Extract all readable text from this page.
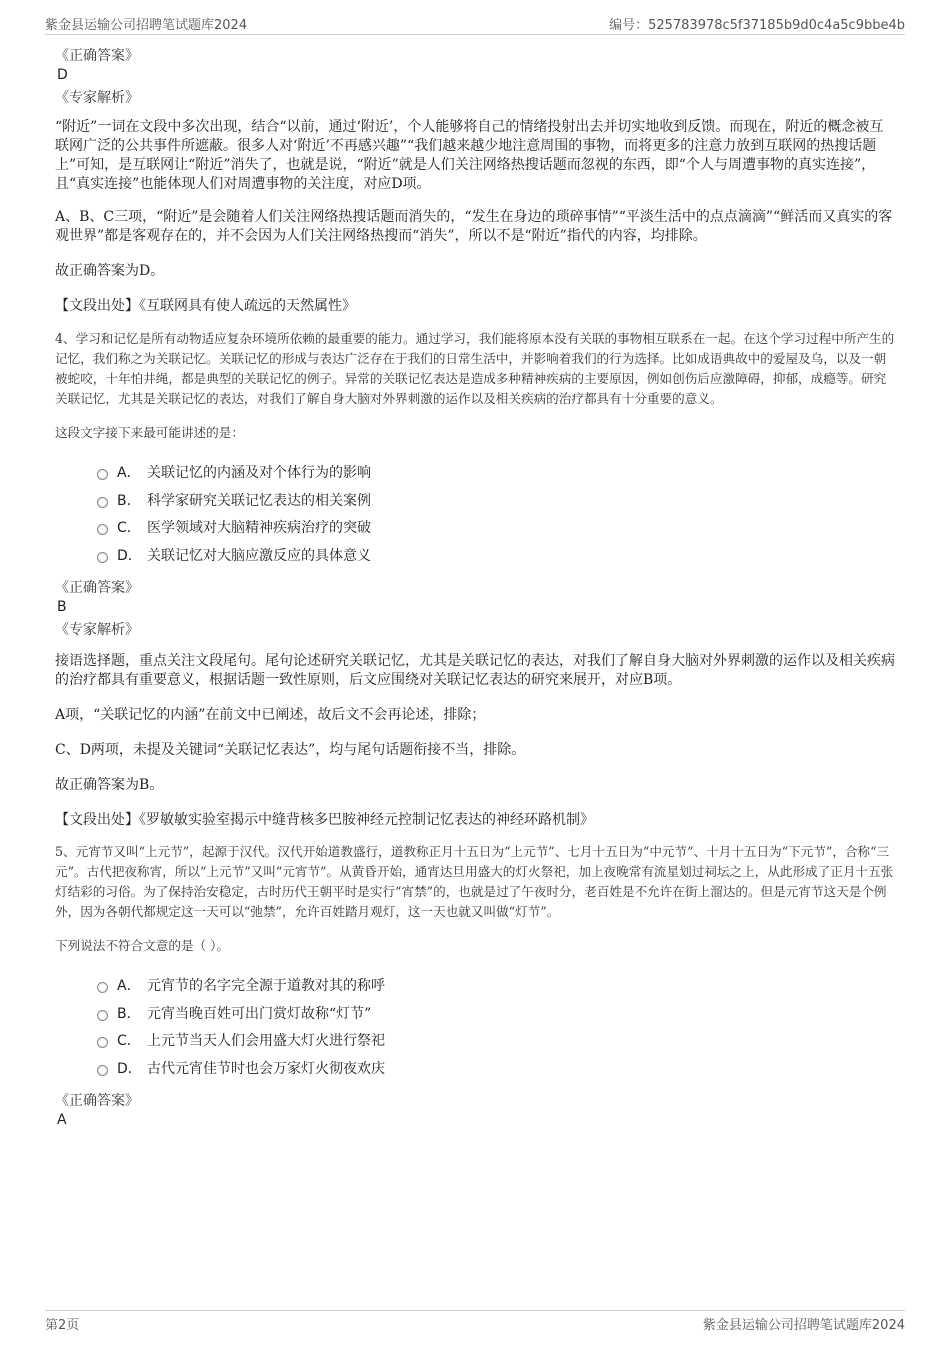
紫金县运输公司招聘笔试题库2024	编号：525783978c5f37185b9d0c4a5c9bbe4b
《正确答案》
D
《专家解析》

“附近”一词在文段中多次出现，结合“以前，通过‘附近’，个人能够将自己的情绪投射出去并切实地收到反馈。而现在，附近的概念被互联网广泛的公共事件所遮蔽。很多人对‘附近’不再感兴趣”“我们越来越少地注意周围的事物，而将更多的注意力放到互联网的热搜话题上”可知，是互联网让“附近”消失了，也就是说，“附近”就是人们关注网络热搜话题而忽视的东西，即“个人与周遭事物的真实连接”，且“真实连接”也能体现人们对周遭事物的关注度，对应D项。

A、B、C三项，“附近”是会随着人们关注网络热搜话题而消失的，“发生在身边的琐碎事情”“平淡生活中的点点滴滴”“鲜活而又真实的客观世界”都是客观存在的，并不会因为人们关注网络热搜而“消失”，所以不是“附近”指代的内容，均排除。

故正确答案为D。

【文段出处】《互联网具有使人疏远的天然属性》

4、学习和记忆是所有动物适应复杂环境所依赖的最重要的能力。通过学习，我们能将原本没有关联的事物相互联系在一起。在这个学习过程中所产生的记忆，我们称之为关联记忆。关联记忆的形成与表达广泛存在于我们的日常生活中，并影响着我们的行为选择。比如成语典故中的爱屋及乌，以及一朝被蛇咬，十年怕井绳，都是典型的关联记忆的例子。异常的关联记忆表达是造成多种精神疾病的主要原因，例如创伤后应激障碍，抑郁，成瘾等。研究关联记忆，尤其是关联记忆的表达，对我们了解自身大脑对外界刺激的运作以及相关疾病的治疗都具有十分重要的意义。

这段文字接下来最可能讲述的是：

A． 关联记忆的内涵及对个体行为的影响
B． 科学家研究关联记忆表达的相关案例
C． 医学领域对大脑精神疾病治疗的突破
D． 关联记忆对大脑应激反应的具体意义
《正确答案》
B
《专家解析》

接语选择题，重点关注文段尾句。尾句论述研究关联记忆，尤其是关联记忆的表达，对我们了解自身大脑对外界刺激的运作以及相关疾病的治疗都具有重要意义，根据话题一致性原则，后文应围绕对关联记忆表达的研究来展开，对应B项。

A项，“关联记忆的内涵”在前文中已阐述，故后文不会再论述，排除；

C、D两项，未提及关键词“关联记忆表达”，均与尾句话题衔接不当，排除。

故正确答案为B。

【文段出处】《罗敏敏实验室揭示中缝背核多巴胺神经元控制记忆表达的神经环路机制》

5、元宵节又叫“上元节”，起源于汉代。汉代开始道教盛行，道教称正月十五日为“上元节”、七月十五日为“中元节”、十月十五日为“下元节”，合称“三元”。古代把夜称宵，所以“上元节”又叫“元宵节”。从黄昏开始，通宵达旦用盛大的灯火祭祀，加上夜晚常有流星划过祠坛之上，从此形成了正月十五张灯结彩的习俗。为了保持治安稳定，古时历代王朝平时是实行“宵禁”的，也就是过了午夜时分，老百姓是不允许在街上溜达的。但是元宵节这天是个例外，因为各朝代都规定这一天可以“弛禁”，允许百姓踏月观灯，这一天也就又叫做“灯节”。

下列说法不符合文意的是（ ）。

A． 元宵节的名字完全源于道教对其的称呼
B． 元宵当晚百姓可出门赏灯故称“灯节”
C． 上元节当天人们会用盛大灯火进行祭祀
D． 古代元宵佳节时也会万家灯火彻夜欢庆
《正确答案》
A
第2页	紫金县运输公司招聘笔试题库2024
